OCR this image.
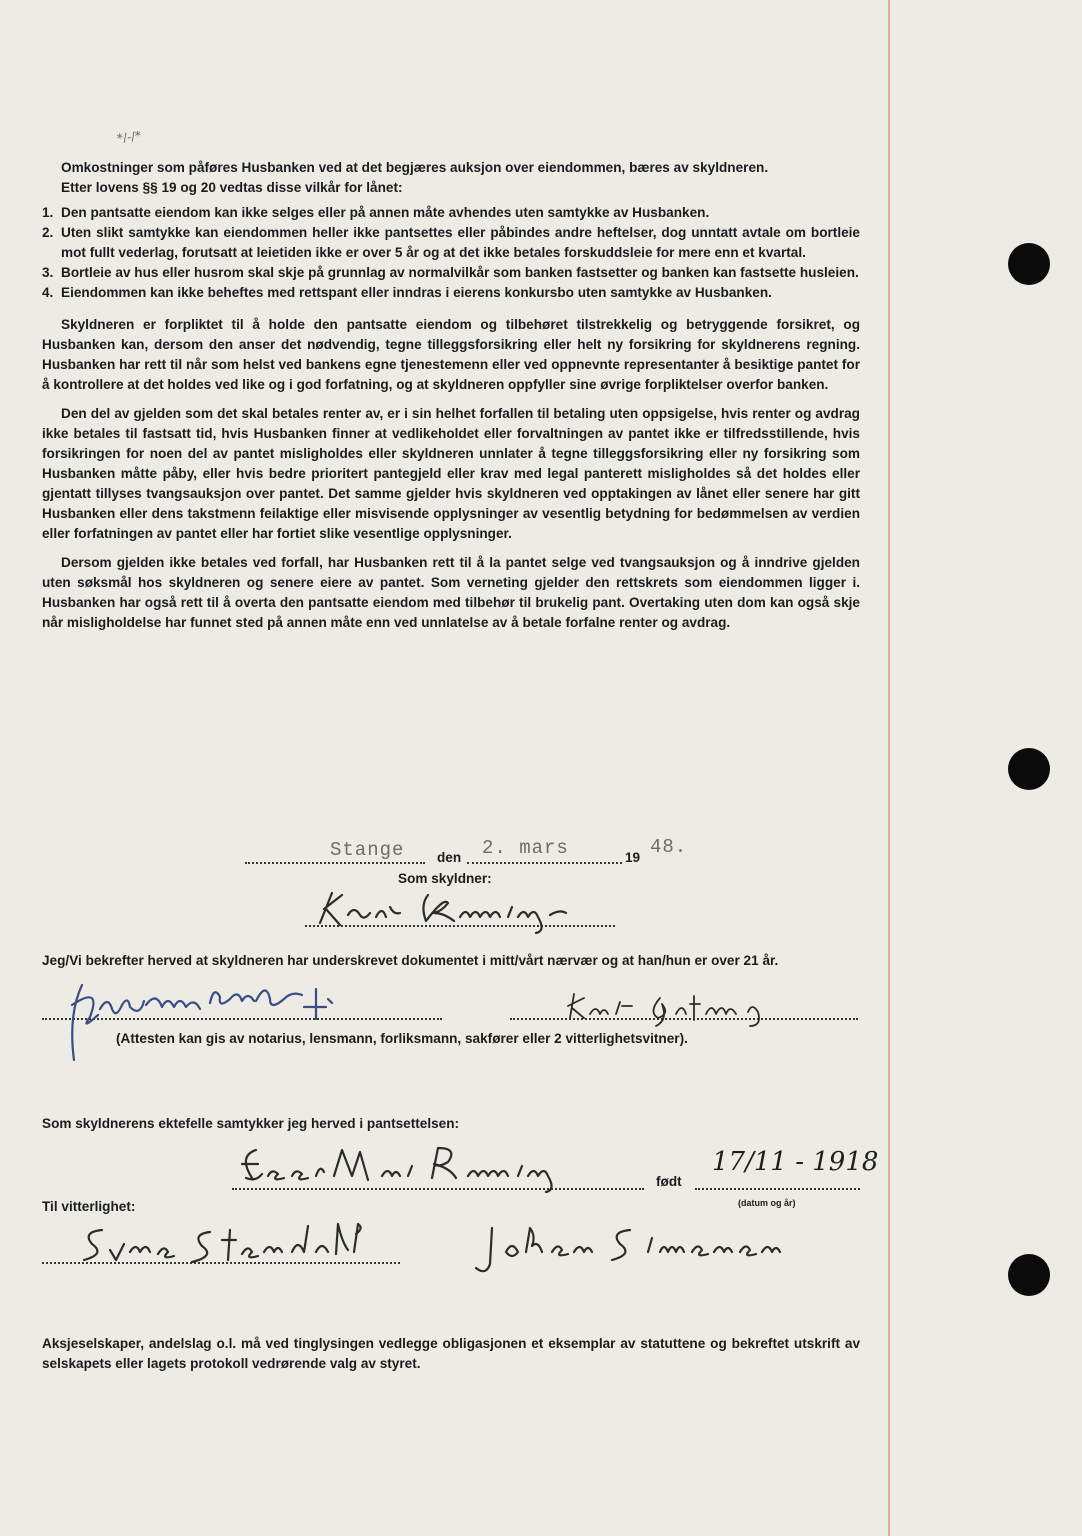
*/-/*

Omkostninger som påføres Husbanken ved at det begjæres auksjon over eiendommen, bæres av skyldneren.

Etter lovens §§ 19 og 20 vedtas disse vilkår for lånet:

1. Den pantsatte eiendom kan ikke selges eller på annen måte avhendes uten samtykke av Husbanken.
2. Uten slikt samtykke kan eiendommen heller ikke pantsettes eller påbindes andre heftelser, dog unntatt avtale om bortleie mot fullt vederlag, forutsatt at leietiden ikke er over 5 år og at det ikke betales forskuddsleie for mere enn et kvartal.
3. Bortleie av hus eller husrom skal skje på grunnlag av normalvilkår som banken fastsetter og banken kan fastsette husleien.
4. Eiendommen kan ikke beheftes med rettspant eller inndras i eierens konkursbo uten samtykke av Husbanken.

Skyldneren er forpliktet til å holde den pantsatte eiendom og tilbehøret tilstrekkelig og betryggende forsikret, og Husbanken kan, dersom den anser det nødvendig, tegne tilleggsforsikring eller helt ny forsikring for skyldnerens regning. Husbanken har rett til når som helst ved bankens egne tjenestemenn eller ved oppnevnte representanter å besiktige pantet for å kontrollere at det holdes ved like og i god forfatning, og at skyldneren oppfyller sine øvrige forpliktelser overfor banken.

Den del av gjelden som det skal betales renter av, er i sin helhet forfallen til betaling uten oppsigelse, hvis renter og avdrag ikke betales til fastsatt tid, hvis Husbanken finner at vedlikeholdet eller forvaltningen av pantet ikke er tilfredsstillende, hvis forsikringen for noen del av pantet misligholdes eller skyldneren unnlater å tegne tilleggsforsikring eller ny forsikring som Husbanken måtte påby, eller hvis bedre prioritert pantegjeld eller krav med legal panterett misligholdes så det holdes eller gjentatt tillyses tvangsauksjon over pantet. Det samme gjelder hvis skyldneren ved opptakingen av lånet eller senere har gitt Husbanken eller dens takstmenn feilaktige eller misvisende opplysninger av vesentlig betydning for bedømmelsen av verdien eller forfatningen av pantet eller har fortiet slike vesentlige opplysninger.

Dersom gjelden ikke betales ved forfall, har Husbanken rett til å la pantet selge ved tvangsauksjon og å inndrive gjelden uten søksmål hos skyldneren og senere eiere av pantet. Som verneting gjelder den rettskrets som eiendommen ligger i. Husbanken har også rett til å overta den pantsatte eiendom med tilbehør til brukelig pant. Overtaking uten dom kan også skje når misligholdelse har funnet sted på annen måte enn ved unnlatelse av å betale forfalne renter og avdrag.

Stange den 2. mars	19 48.
Som skyldner:
Jeg/Vi bekrefter herved at skyldneren har underskrevet dokumentet i mitt/vårt nærvær og at han/hun er over 21 år.
(Attesten kan gis av notarius, lensmann, forliksmann, sakfører eller 2 vitterlighetsvitner).
Som skyldnerens ektefelle samtykker jeg herved i pantsettelsen:
født
17/11 - 1918
(datum og år)
Til vitterlighet:
Aksjeselskaper, andelslag o.l. må ved tinglysingen vedlegge obligasjonen et eksemplar av statuttene og bekreftet utskrift av selskapets eller lagets protokoll vedrørende valg av styret.
